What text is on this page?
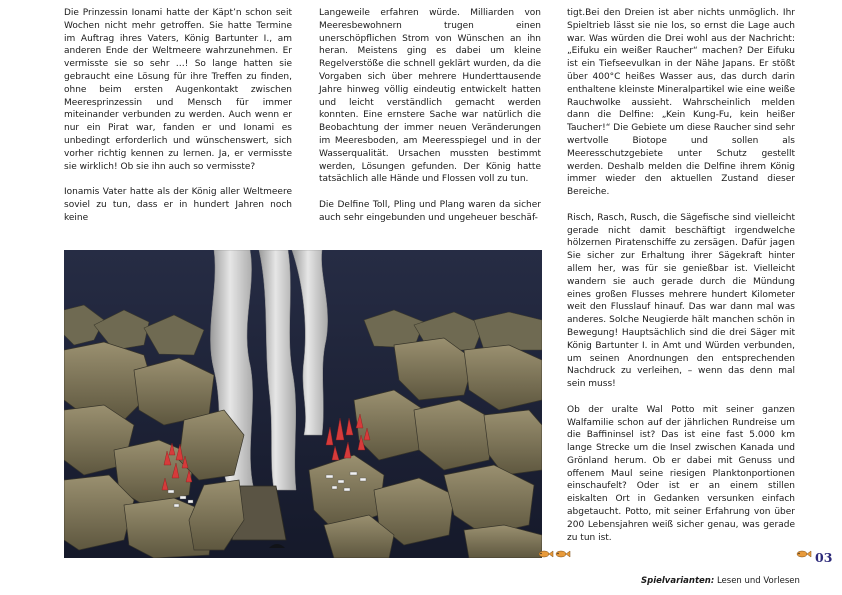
Die Prinzessin Ionami hatte der Käpt’n schon seit Wochen nicht mehr getroffen. Sie hatte Termine im Auftrag ihres Vaters, König Bartunter I., am anderen Ende der Weltmeere wahrzunehmen. Er vermisste sie so sehr …! So lange hatten sie gebraucht eine Lösung für ihre Treffen zu finden, ohne beim ersten Augenkontakt zwischen Meeresprinzessin und Mensch für immer miteinander verbunden zu werden. Auch wenn er nur ein Pirat war, fanden er und Ionami es unbedingt erforderlich und wünschenswert, sich vorher richtig kennen zu lernen. Ja, er vermisste sie wirklich! Ob sie ihn auch so vermisste?

Ionamis Vater hatte als der König aller Weltmeere soviel zu tun, dass er in hundert Jahren noch keine

Langeweile erfahren würde. Milliarden von Meeresbewohnern trugen einen unerschöpflichen Strom von Wünschen an ihn heran. Meistens ging es dabei um kleine Regelverstöße die schnell geklärt wurden, da die Vorgaben sich über mehrere Hunderttausende Jahre hinweg völlig eindeutig entwickelt hatten und leicht verständlich gemacht werden konnten. Eine ernstere Sache war natürlich die Beobachtung der immer neuen Veränderungen im Meeresboden, am Meeresspiegel und in der Wasserqualität. Ursachen mussten bestimmt werden, Lösungen gefunden. Der König hatte tatsächlich alle Hände und Flossen voll zu tun.

Die Delfine Toll, Pling und Plang waren da sicher auch sehr eingebunden und ungeheuer beschäf-

tigt.Bei den Dreien ist aber nichts unmöglich. Ihr Spieltrieb lässt sie nie los, so ernst die Lage auch war. Was würden die Drei wohl aus der Nachricht: „Eifuku ein weißer Raucher“ machen? Der Eifuku ist ein Tiefseevulkan in der Nähe Japans. Er stößt über 400°C heißes Wasser aus, das durch darin enthaltene kleinste Mineralpartikel wie eine weiße Rauchwolke aussieht. Wahrscheinlich melden dann die Delfine: „Kein Kung-Fu, kein heißer Taucher!“ Die Gebiete um diese Raucher sind sehr wertvolle Biotope und sollen als Meeresschutzgebiete unter Schutz gestellt werden. Deshalb melden die Delfine ihrem König immer wieder den aktuellen Zustand dieser Bereiche.

Risch, Rasch, Rusch, die Sägefische sind vielleicht gerade nicht damit beschäftigt irgendwelche hölzernen Piratenschiffe zu zersägen. Dafür jagen Sie sicher zur Erhaltung ihrer Sägekraft hinter allem her, was für sie genießbar ist. Vielleicht wandern sie auch gerade durch die Mündung eines großen Flusses mehrere hundert Kilometer weit den Flusslauf hinauf. Das war dann mal was anderes. Solche Neugierde hält manchen schön in Bewegung! Hauptsächlich sind die drei Säger mit König Bartunter I. in Amt und Würden verbunden, um seinen Anordnungen den entsprechenden Nachdruck zu verleihen, – wenn das denn mal sein muss!

Ob der uralte Wal Potto mit seiner ganzen Walfamilie schon auf der jährlichen Rundreise um die Baffininsel ist? Das ist eine fast 5.000 km lange Strecke um die Insel zwischen Kanada und Grönland herum. Ob er dabei mit Genuss und offenem Maul seine riesigen Planktonportionen einschaufelt? Oder ist er an einem stillen eiskalten Ort in Gedanken versunken einfach abgetaucht. Potto, mit seiner Erfahrung von über 200 Lebensjahren weiß sicher genau, was gerade zu tun ist.

03
Spielvarianten: Lesen und Vorlesen
